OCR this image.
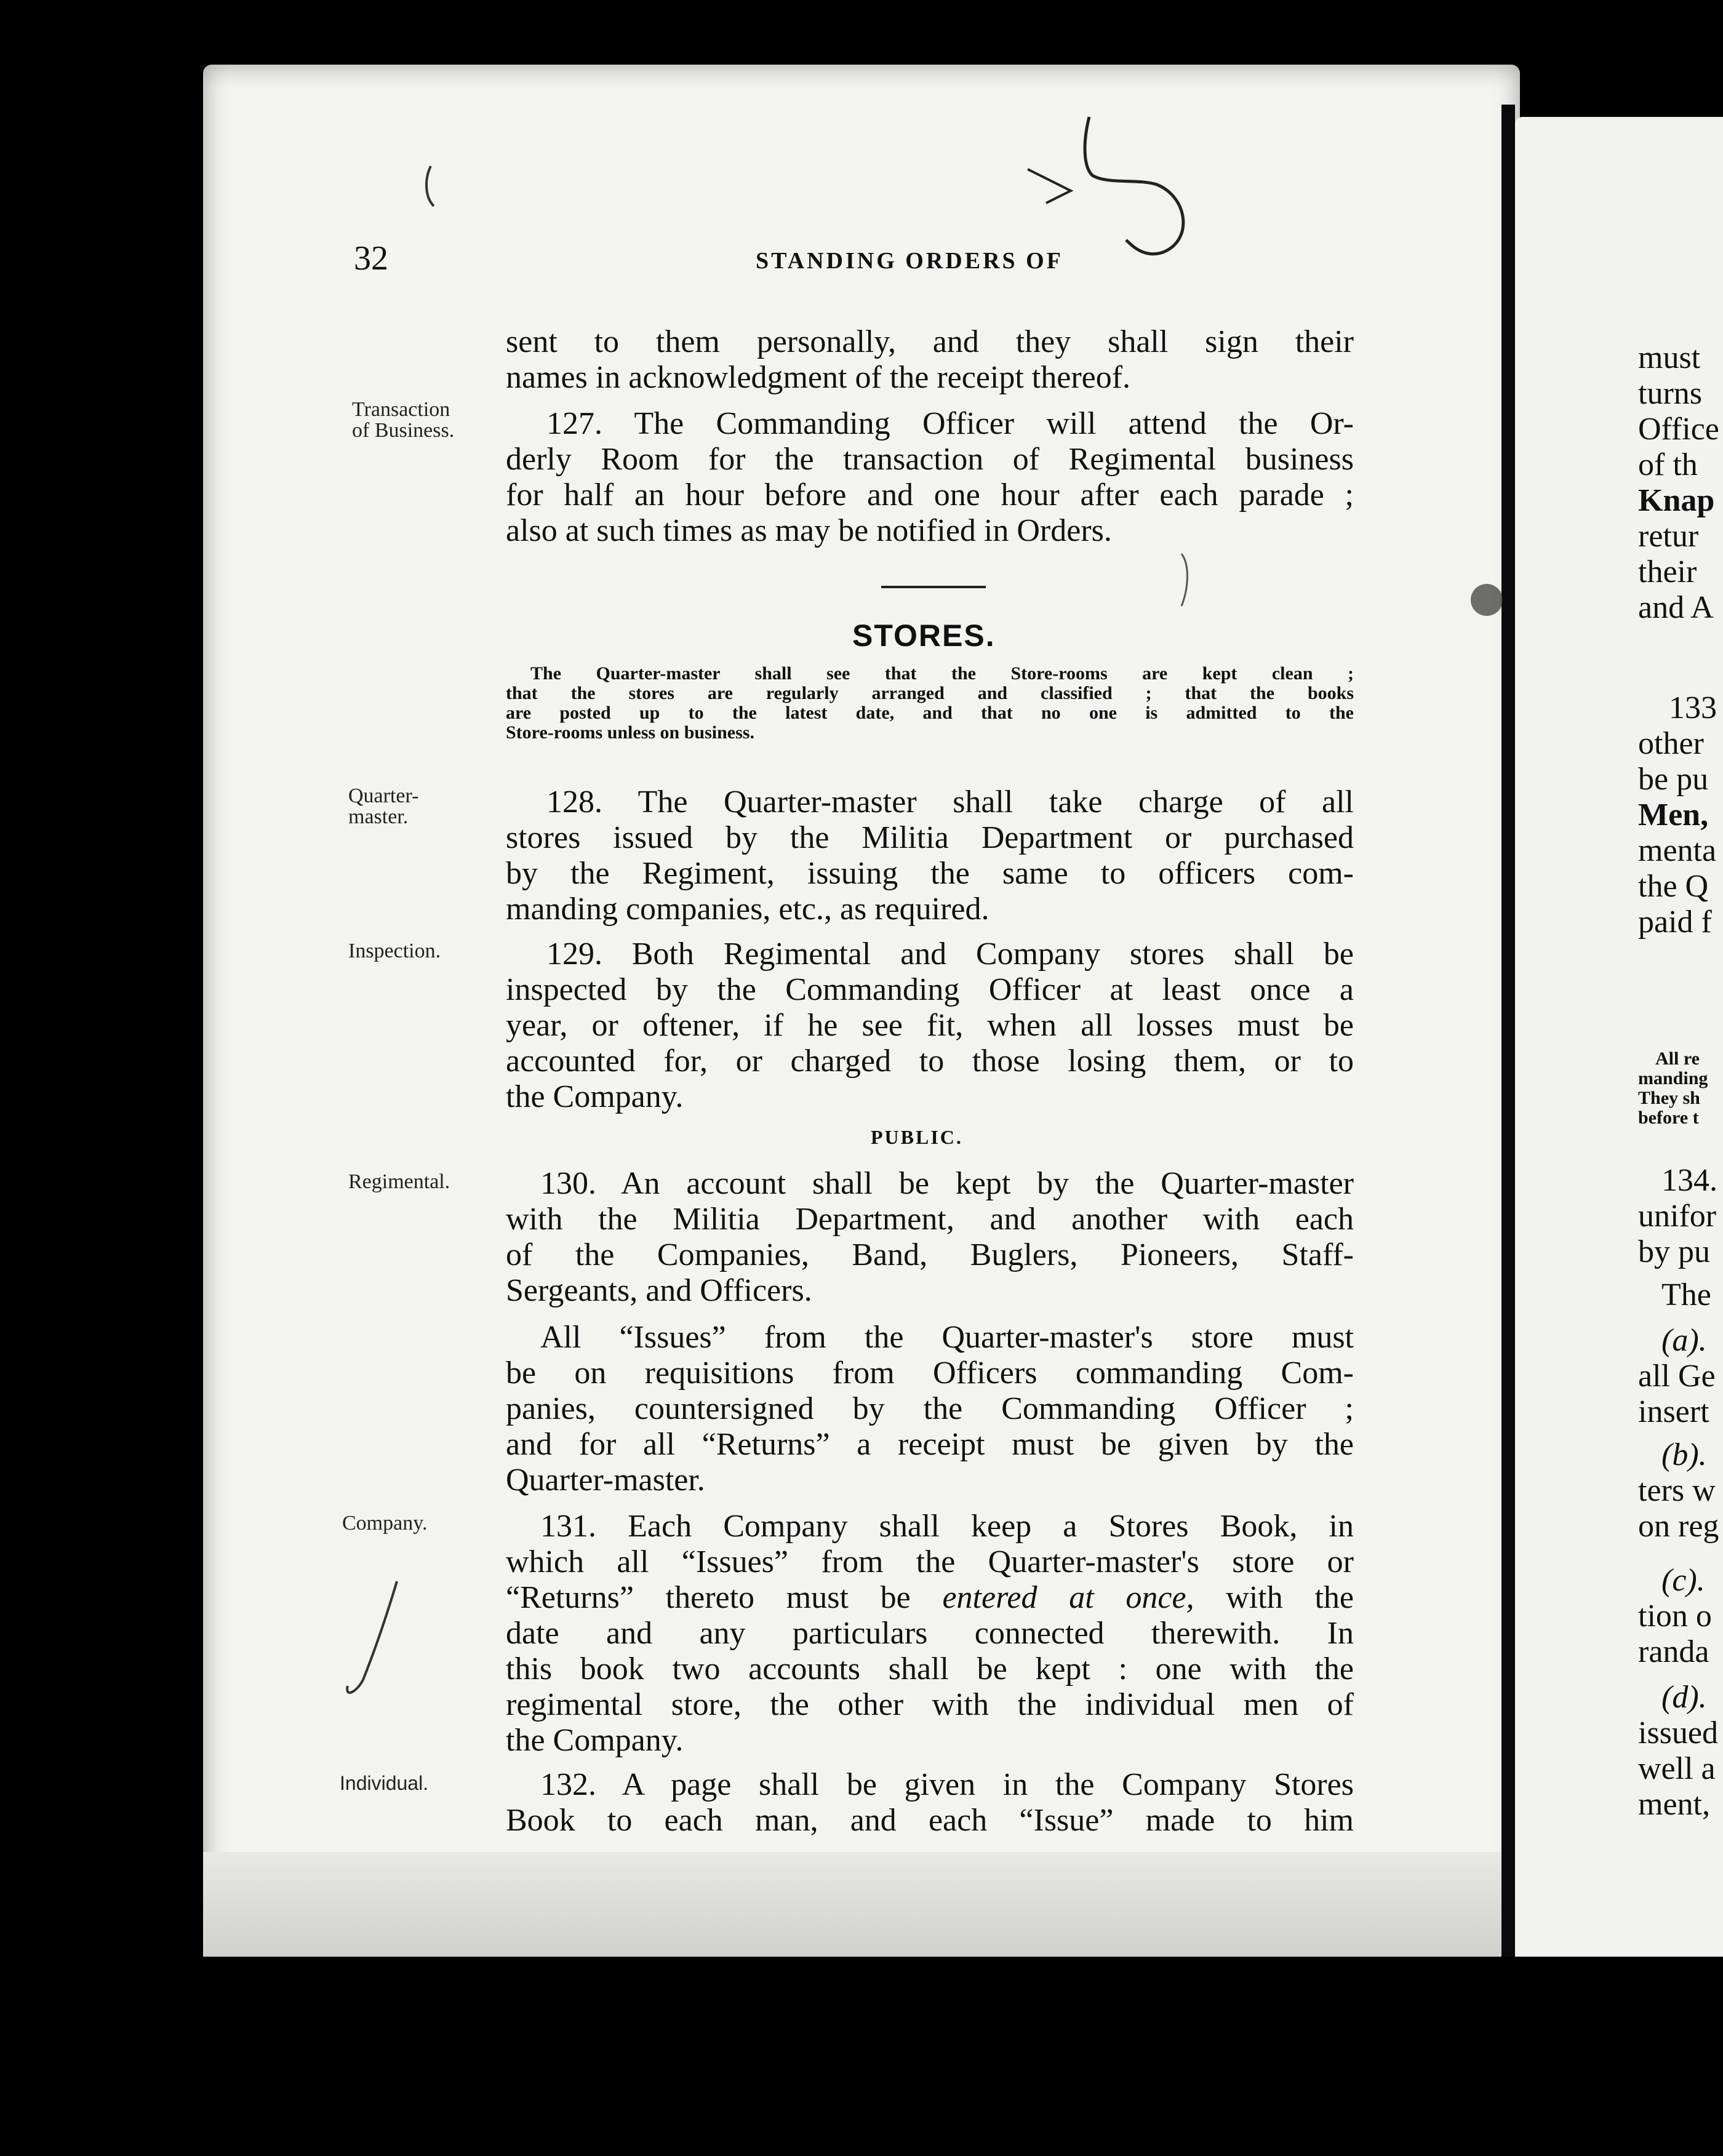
32	STANDING ORDERS OF
sent to them personally, and they shall sign their
names in acknowledgment of the receipt thereof.
Transaction
of Business.	127. The Commanding Officer will attend the Or-
derly Room for the transaction of Regimental business
for half an hour before and one hour after each parade ;
also at such times as may be notified in Orders.
STORES.
The Quarter-master shall see that the Store-rooms are kept clean ;
that the stores are regularly arranged and classified ; that the books
are posted up to the latest date, and that no one is admitted to the
Store-rooms unless on business.
Quarter-
master.	128. The Quarter-master shall take charge of all
stores issued by the Militia Department or purchased
by the Regiment, issuing the same to officers com-
manding companies, etc., as required.
Inspection.	129. Both Regimental and Company stores shall be
inspected by the Commanding Officer at least once a
year, or oftener, if he see fit, when all losses must be
accounted for, or charged to those losing them, or to
the Company.
PUBLIC.
Regimental.	130. An account shall be kept by the Quarter-master
with the Militia Department, and another with each
of the Companies, Band, Buglers, Pioneers, Staff-
Sergeants, and Officers.
All “Issues” from the Quarter-master's store must
be on requisitions from Officers commanding Com-
panies, countersigned by the Commanding Officer ;
and for all “Returns” a receipt must be given by the
Quarter-master.
Company.	131. Each Company shall keep a Stores Book, in
which all “Issues” from the Quarter-master's store or
“Returns” thereto must be entered at once, with the
date and any particulars connected therewith. In
this book two accounts shall be kept : one with the
regimental store, the other with the individual men of
the Company.
Individual.	132. A page shall be given in the Company Stores
Book to each man, and each “Issue” made to him
must
turns
Office
of th
Knap
retur
their
and A
133
other
be pu
Men,
menta
the Q
paid f
All re
manding
They sh
before t
134.
unifor
by pu
The
(a).
all Ge
insert
(b).
ters w
on reg
(c).
tion o
randa
(d).
issued
well a
ment,
